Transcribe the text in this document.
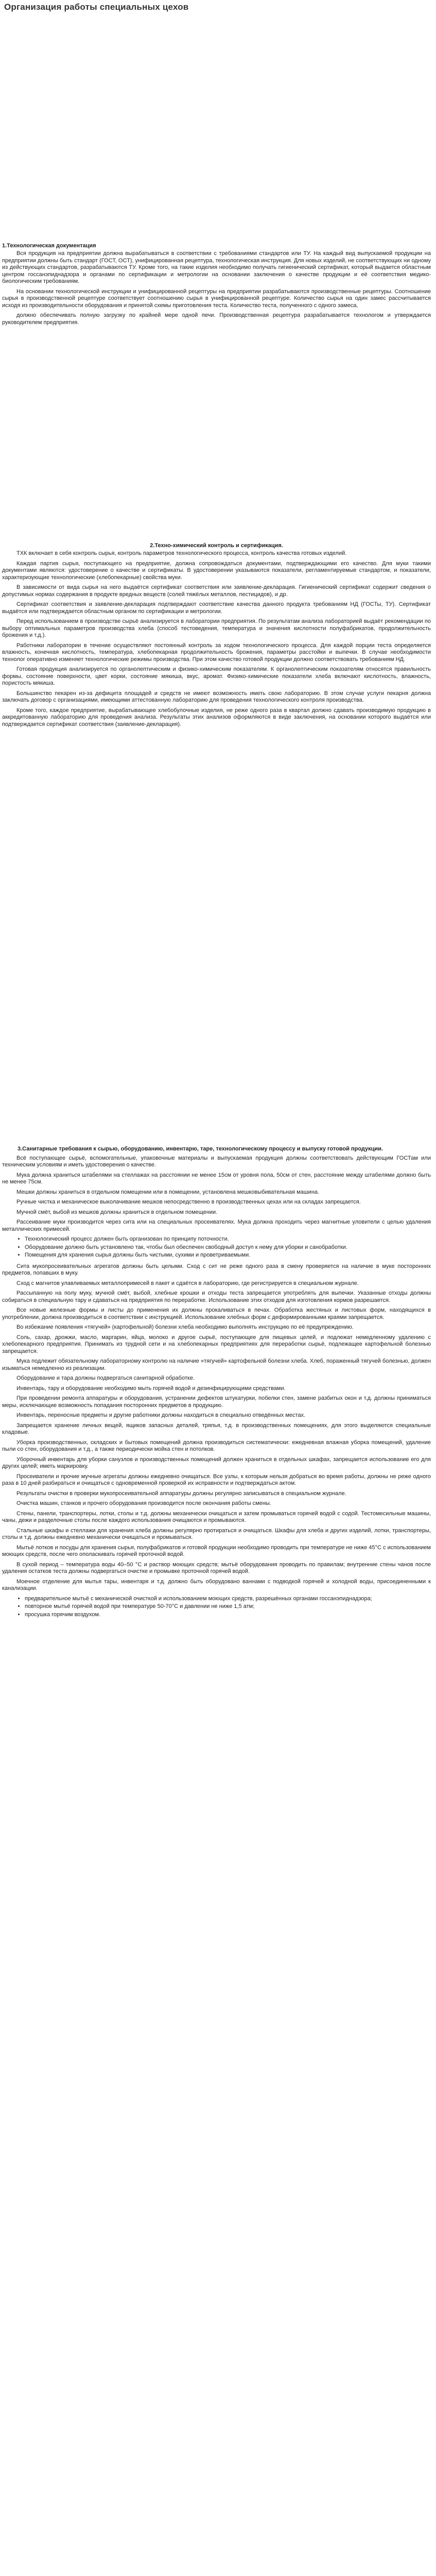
Организация работы специальных цехов
1.Технологическая документация

Вся продукция на предприятии должна вырабатываться в соответствии с требованиями стандартов или ТУ. На каждый вид выпускаемой продукции на предприятии должны быть стандарт (ГОСТ, ОСТ), унифицированная рецептура, технологическая инструкция. Для новых изделий, не соответствующих ни одному из действующих стандартов, разрабатываются ТУ. Кроме того, на такие изделия необходимо получать гигиенический сертификат, который выдается областным центром госсанэпиднадзора и органами по сертификации и метрологии на основании заключения о качестве продукции и её соответствия медико-биологическим требованиям.

На основании технологической инструкции и унифицированной рецептуры на предприятии разрабатываются производственные рецептуры. Соотношение сырья в производственной рецептуре соответствует соотношению сырья в унифицированной рецептуре. Количество сырья на один замес рассчитывается исходя из производительности оборудования и принятой схемы приготовления теста. Количество теста, полученного с одного замеса,

должно обеспечивать полную загрузку по крайней мере одной печи. Производственная рецептура разрабатывается технологом и утверждается руководителем предприятия.

2.Техно-химический контроль и сертификация.

ТХК включает в себя контроль сырья, контроль параметров технологического процесса, контроль качества готовых изделий.

Каждая партия сырья, поступающего на предприятие, должна сопровождаться документами, подтверждающими его качество. Для муки такими документами являются: удостоверение о качестве и сертификаты. В удостоверении указываются показатели, регламентируемые стандартом, и показатели, характеризующие технологические (хлебопекарные) свойства муки.

В зависимости от вида сырья на него выдаётся сертификат соответствия или заявление-декларация. Гигиенический сертификат содержит сведения о допустимых нормах содержания в продукте вредных веществ (солей тяжёлых металлов, пестицидов), и др.

Сертификат соответствия и заявление-декларация подтверждают соответствие качества данного продукта требованиям НД (ГОСТы, ТУ). Сертификат выдаётся или подтверждается областным органом по сертификации и метрологии.

Перед использованием в производстве сырьё анализируется в лаборатории предприятия. По результатам анализа лабораторией выдаёт рекомендации по выбору оптимальных параметров производства хлеба (способ тестоведения, температура и значения кислотности полуфабрикатов, продолжительность брожения и т.д.).

Работники лаборатории в течение осуществляют постоянный контроль за ходом технологического процесса. Для каждой порции теста определяется влажность, конечная кислотность, температура, хлебопекарная продолжительность брожения, параметры расстойки и выпечки. В случае необходимости технолог оперативно изменяет технологические режимы производства. При этом качество готовой продукции должно соответствовать требованиям НД.

Готовая продукция анализируется по органолептическим и физико-химическим показателям. К органолептическим показателям относятся правильность формы, состояние поверхности, цвет корки, состояние мякиша, вкус, аромат. Физико-химические показатели хлеба включают кислотность, влажность, пористость мякиша.

Большинство пекарен из-за дефицита площадей и средств не имеют возможность иметь свою лабораторию. В этом случае услуги пекарня должна заключать договор с организациями, имеющими аттестованную лабораторию для проведения технологического контроля производства.

Кроме того, каждое предприятие, вырабатывающее хлебобулочные изделия, не реже одного раза в квартал должно сдавать производимую продукцию в аккредитованную лабораторию для проведения анализа. Результаты этих анализов оформляются в виде заключения, на основании которого выдаётся или подтверждается сертификат соответствия (заявление-декларация).

3.Санитарные требования к сырью, оборудованию, инвентарю, таре, технологическому процессу и выпуску готовой продукции.

Всё поступающее сырьё, вспомогательные, упаковочные материалы и выпускаемая продукция должны соответствовать действующим ГОСТам или техническим условиям и иметь удостоверения о качестве.

Мука должна храниться штабелями на стеллажах на расстоянии не менее 15см от уровня пола, 50см от стен, расстояние между штабелями должно быть не менее 75см.

Мешки должны храниться в отдельном помещении или в помещении, установлена мешковыбивательная машина.

Ручные чистка и механическое выколачивание мешков непосредственно в производственных цехах или на складах запрещается.

Мучной смёт, выбой из мешков должны храниться в отдельном помещении.

Рассеивание муки производится через сита или на специальных просеивателях. Мука должна проходить через магнитные уловители с целью удаления металлических примесей.

• Технологический процесс должен быть организован по принципу поточности.
• Оборудование должно быть установлено так, чтобы был обеспечен свободный доступ к нему для уборки и санобработки.
• Помещения для хранения сырья должны быть чистыми, сухими и проветриваемыми.

Сита мукопросеивательных агрегатов должны быть целыми. Сход с сит не реже одного раза в смену проверяется на наличие в муке посторонних предметов, попавших в муку.

Сход с магнитов улавливаемых металлопримесей в пакет и сдаётся в лабораторию, где регистрируется в специальном журнале.

Рассыпанную на полу муку, мучной смёт, выбой, хлебные крошки и отходы теста запрещается употреблять для выпечки. Указанные отходы должны собираться в специальную тару и сдаваться на предприятия по переработке. Использование этих отходов для изготовления кормов разрешается.

Все новые железные формы и листы до применения их должны прокаливаться в печах. Обработка жестяных и листовых форм, находящихся в употреблении, должна производиться в соответствии с инструкцией. Использование хлебных форм с деформированными краями запрещается.

Во избежание появления «тягучей» (картофельной) болезни хлеба необходимо выполнять инструкцию по её предупреждению.

Соль, сахар, дрожжи, масло, маргарин, яйца, молоко и другое сырьё, поступающее для пищевых целей, и подлежат немедленному удалению с хлебопекарного предприятия. Принимать из трудной сети и на хлебопекарных предприятиях для переработки сырьё, подлежащее картофельной болезнью запрещается.

Мука подлежит обязательному лабораторному контролю на наличие «тягучей» картофельной болезни хлеба. Хлеб, пораженный тягучей болезнью, должен изыматься немедленно из реализации.

Оборудование и тара должны подвергаться санитарной обработке.

Инвентарь, тару и оборудование необходимо мыть горячей водой и дезинфицирующими средствами.

При проведении ремонта аппаратуры и оборудования, устранении дефектов штукатурки, побелки стен, замене разбитых окон и т.д. должны приниматься меры, исключающие возможность попадания посторонних предметов в продукцию.

Инвентарь, переносные предметы и другие работники должны находиться в специально отведённых местах.

Запрещается хранение личных вещей, ящиков запасных деталей, тряпья, т.д. в производственных помещениях, для этого выделяются специальные кладовые.

Уборка производственных, складских и бытовых помещений должна производиться систематически: ежедневная влажная уборка помещений, удаление пыли со стен, оборудования и т.д., а также периодически мойка стен и потолков.

Уборочный инвентарь для уборки санузлов и производственных помещений должен храниться в отдельных шкафах, запрещается использование его для других целей; иметь маркировку.

Просеиватели и прочие мучные агрегаты должны ежедневно очищаться. Все узлы, к которым нельзя добраться во время работы, должны не реже одного раза в 10 дней разбираться и очищаться с одновременной проверкой их исправности и подтверждаться актом.

Результаты очистки в проверки мукопросеивательной аппаратуры должны регулярно записываться в специальном журнале.

Очистка машин, станков и прочего оборудования производится после окончания работы смены.

Стены, панели, транспортеры, лотки, столы и т.д. должны механически очищаться и затем промываться горячей водой с содой. Тестомесильные машины, чаны, дежи и разделочные столы после каждого использования очищаются и промываются.

Стальные шкафы и стеллажи для хранения хлеба должны регулярно протираться и очищаться. Шкафы для хлеба и других изделий, лотки, транспортеры, столы и т.д. должны ежедневно механически очищаться и промываться.

Мытьё лотков и посуды для хранения сырья, полуфабрикатов и готовой продукции необходимо проводить при температуре не ниже 45°С с использованием моющих средств, после чего ополаскивать горячей проточной водой.

В сухой период – температура воды 40–50 °С и раствор моющих средств; мытьё оборудования проводить по правилам; внутренние стены чанов после удаления остатков теста должны подвергаться очистке и промывке проточной горячей водой.

Моечное отделение для мытья тары, инвентаря и т.д. должно быть оборудовано ваннами с подводкой горячей и холодной воды, присоединенными к канализации.

• предварительное мытьё с механической очисткой и использованием моющих средств, разрешённых органами госсанэпиднадзора;
• повторное мытьё горячей водой при температуре 50-70°С и давлении не ниже 1,5 атм;
• просушка горячим воздухом.
